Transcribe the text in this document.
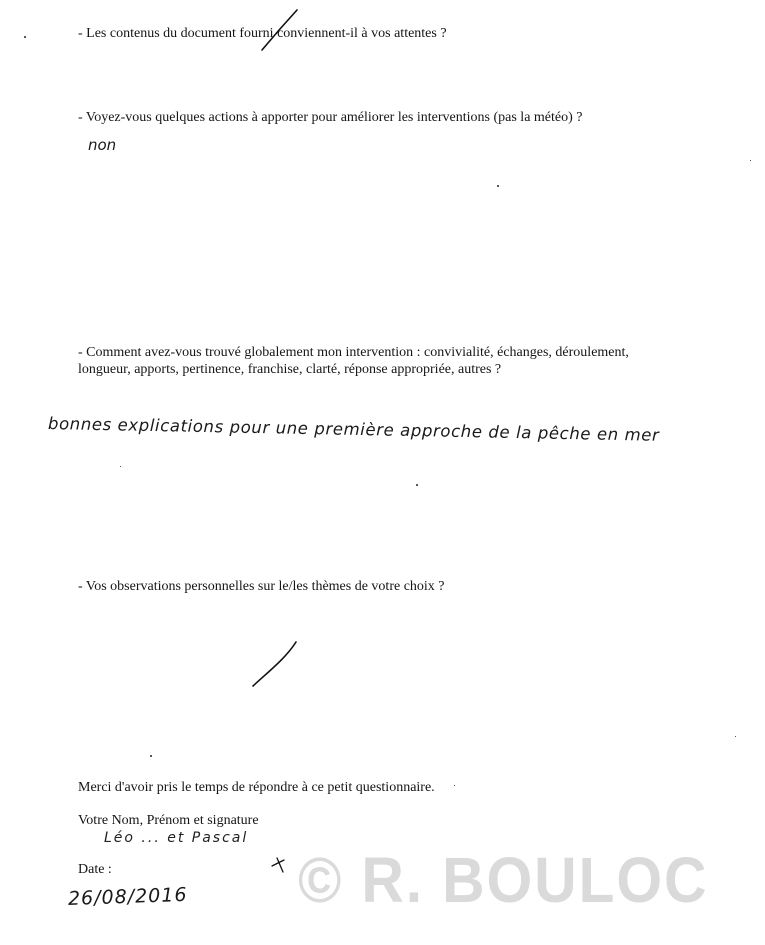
- Les contenus du document fourni conviennent-il à vos attentes ?
- Voyez-vous quelques actions à apporter pour améliorer les interventions (pas la météo) ?
non
- Comment avez-vous trouvé globalement mon intervention : convivialité, échanges, déroulement,
longueur, apports, pertinence, franchise, clarté, réponse appropriée, autres ?
bonnes explications pour une première approche de la pêche en mer
- Vos observations personnelles sur le/les thèmes de votre choix ?
Merci d'avoir pris le temps de répondre à ce petit questionnaire.
Votre Nom, Prénom et signature
Léo ... et Pascal
Date :
26/08/2016 © R. BOULOC
